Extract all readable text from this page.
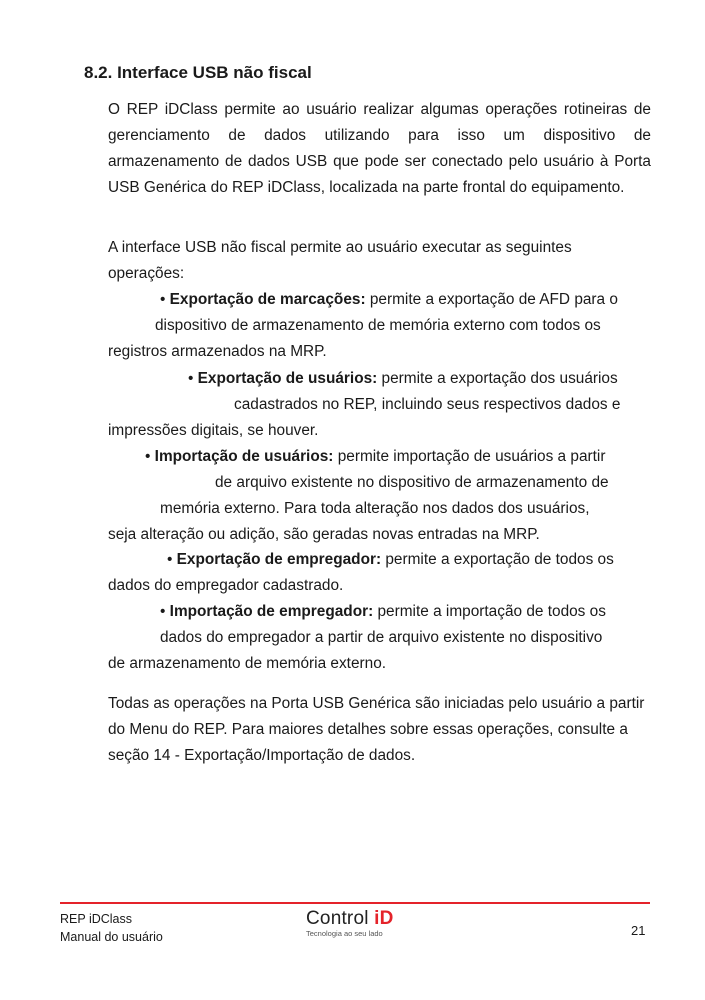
8.2. Interface USB não fiscal

O REP iDClass permite ao usuário realizar algumas operações rotineiras de gerenciamento de dados utilizando para isso um dispositivo de armazenamento de dados USB que pode ser conectado pelo usuário à Porta USB Genérica do REP iDClass, localizada na parte frontal do equipamento.

A interface USB não fiscal permite ao usuário executar as seguintes
operações:

• Exportação de marcações: permite a exportação de AFD para o
dispositivo de armazenamento de memória externo com todos os
registros armazenados na MRP.
• Exportação de usuários: permite a exportação dos usuários
cadastrados no REP, incluindo seus respectivos dados e
impressões digitais, se houver.
• Importação de usuários: permite importação de usuários a partir
de arquivo existente no dispositivo de armazenamento de
memória externo. Para toda alteração nos dados dos usuários,
seja alteração ou adição, são geradas novas entradas na MRP.
• Exportação de empregador: permite a exportação de todos os
dados do empregador cadastrado.
• Importação de empregador: permite a importação de todos os
dados do empregador a partir de arquivo existente no dispositivo
de armazenamento de memória externo.

Todas as operações na Porta USB Genérica são iniciadas pelo usuário a partir do Menu do REP. Para maiores detalhes sobre essas operações, consulte a seção 14 - Exportação/Importação de dados.

REP iDClass
Manual do usuário
Control iD
Tecnologia ao seu lado	21
